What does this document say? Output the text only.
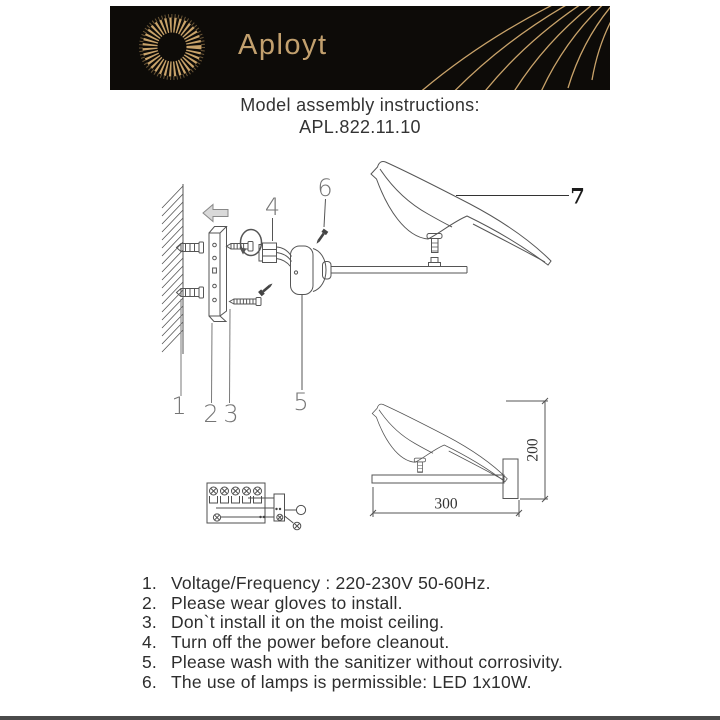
Aployt
Model assembly instructions:
APL.822.11.10
1 2 3
4
5
6	7
300
200
1. Voltage/Frequency : 220-230V 50-60Hz.
2. Please wear gloves to install.
3. Don`t install it on the moist ceiling.
4. Turn off the power before cleanout.
5. Please wash with the sanitizer without corrosivity.
6. The use of lamps is permissible: LED 1x10W.
